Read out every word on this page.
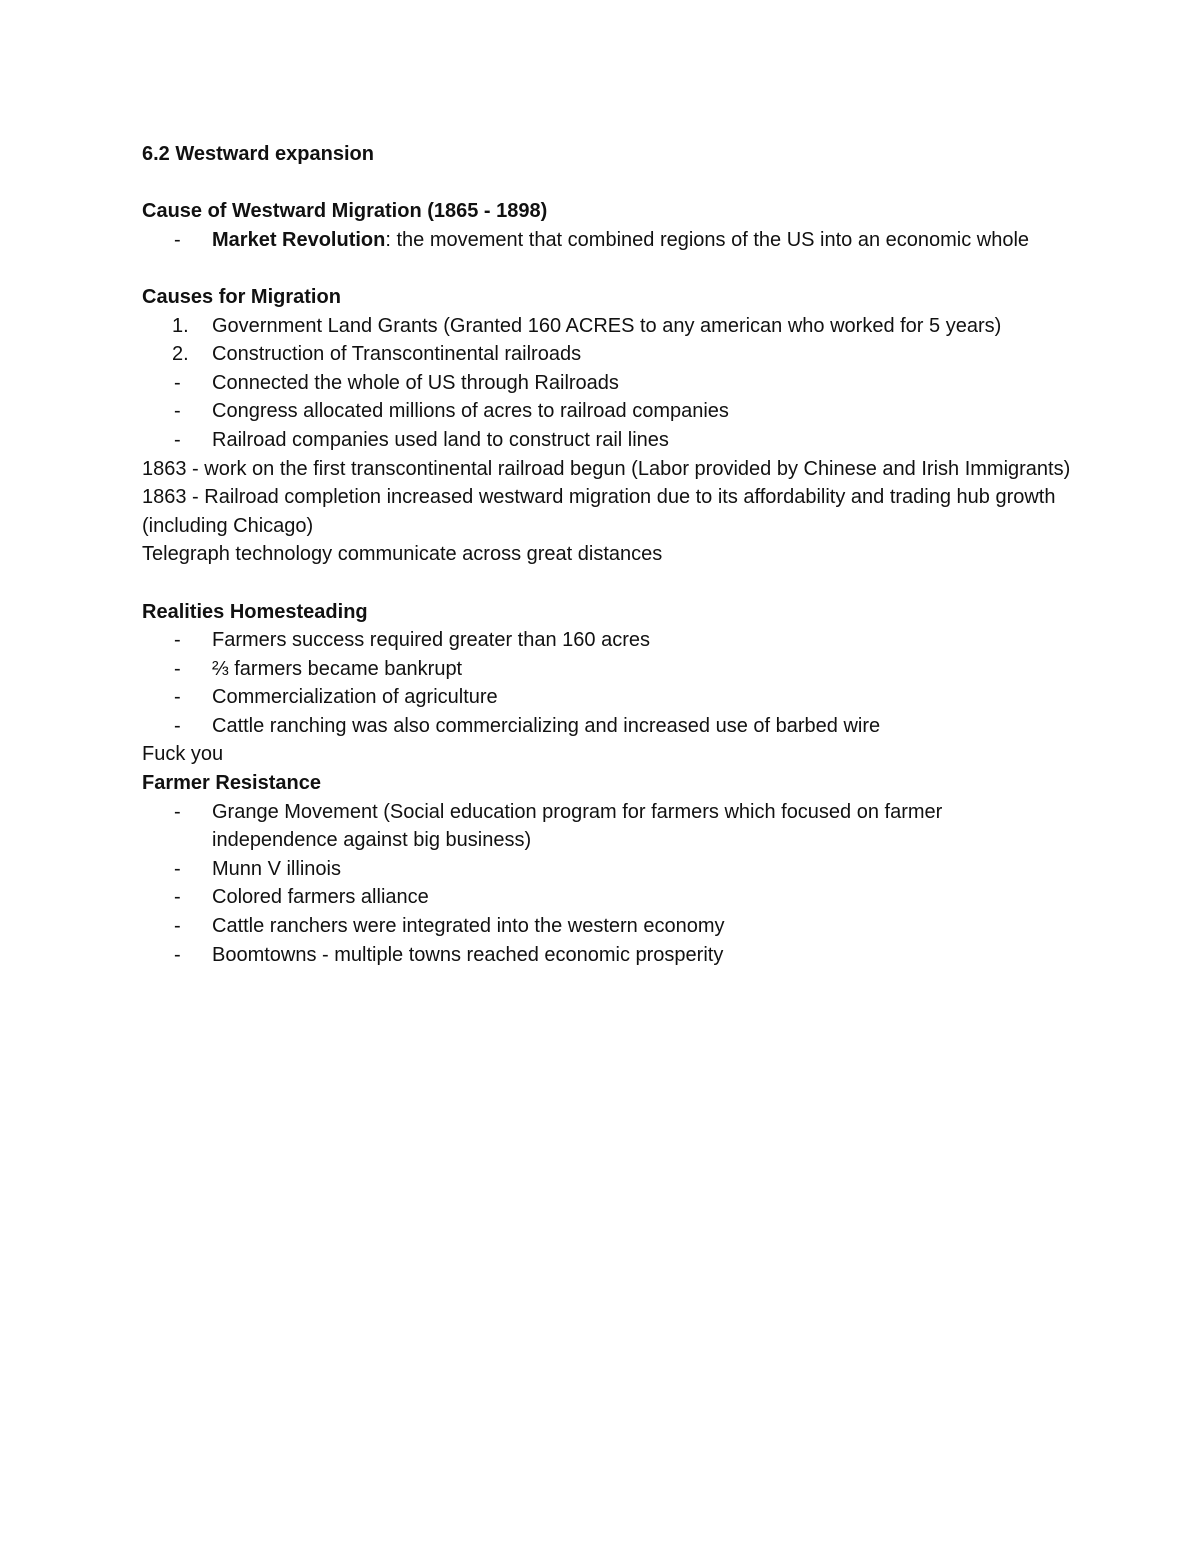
6.2 Westward expansion

Cause of Westward Migration (1865 - 1898)

- Market Revolution: the movement that combined regions of the US into an economic whole

Causes for Migration

1. Government Land Grants (Granted 160 ACRES to any american who worked for 5 years)
2. Construction of Transcontinental railroads
- Connected the whole of US through Railroads
- Congress allocated millions of acres to railroad companies
- Railroad companies used land to construct rail lines

1863 - work on the first transcontinental railroad begun (Labor provided by Chinese and Irish Immigrants)

1863 - Railroad completion increased westward migration due to its affordability and trading hub growth (including Chicago)

Telegraph technology communicate across great distances

Realities Homesteading

- Farmers success required greater than 160 acres
- ⅔ farmers became bankrupt
- Commercialization of agriculture
- Cattle ranching was also commercializing and increased use of barbed wire

Fuck you

Farmer Resistance

- Grange Movement (Social education program for farmers which focused on farmer independence against big business)
- Munn V illinois
- Colored farmers alliance
- Cattle ranchers were integrated into the western economy
- Boomtowns - multiple towns reached economic prosperity
